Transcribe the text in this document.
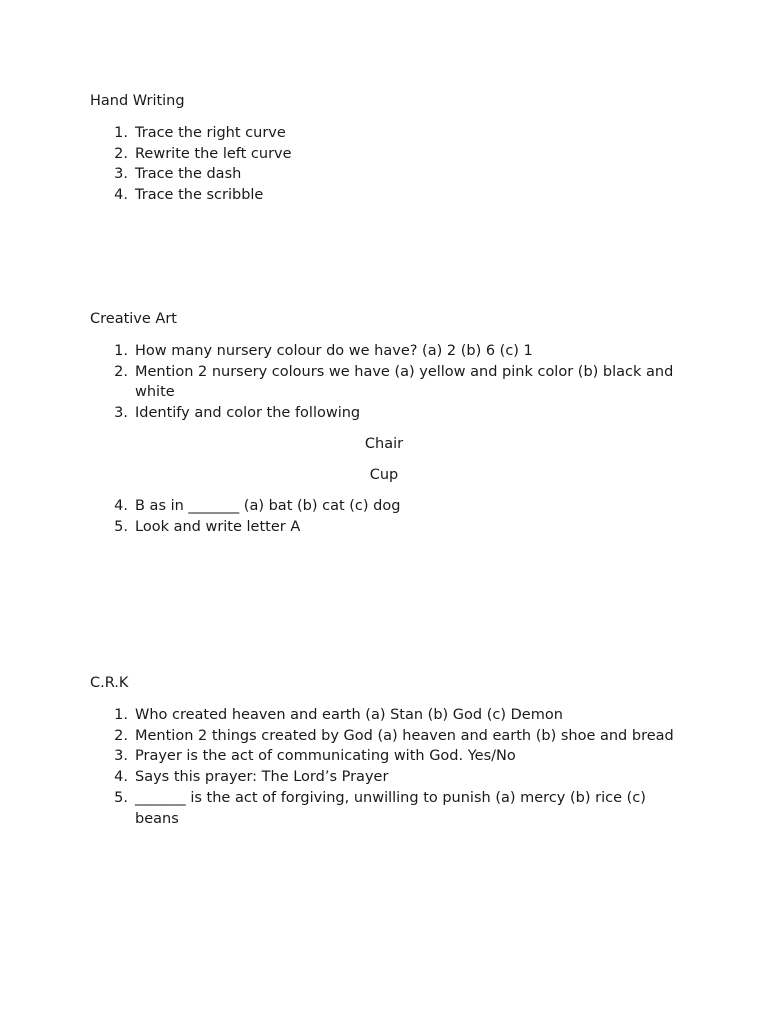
Hand Writing
1. Trace the right curve
2. Rewrite the left curve
3. Trace the dash
4. Trace the scribble
Creative Art
1. How many nursery colour do we have? (a) 2 (b) 6 (c) 1
2. Mention 2 nursery colours we have (a) yellow and pink color (b) black and white
3. Identify and color the following
Chair
Cup
4. B as in _______ (a) bat (b) cat (c) dog
5. Look and write letter A
C.R.K
1. Who created heaven and earth (a) Stan (b) God (c) Demon
2. Mention 2 things created by God (a) heaven and earth (b) shoe and bread
3. Prayer is the act of communicating with God. Yes/No
4. Says this prayer: The Lord’s Prayer
5. _______ is the act of forgiving, unwilling to punish (a) mercy (b) rice (c) beans
